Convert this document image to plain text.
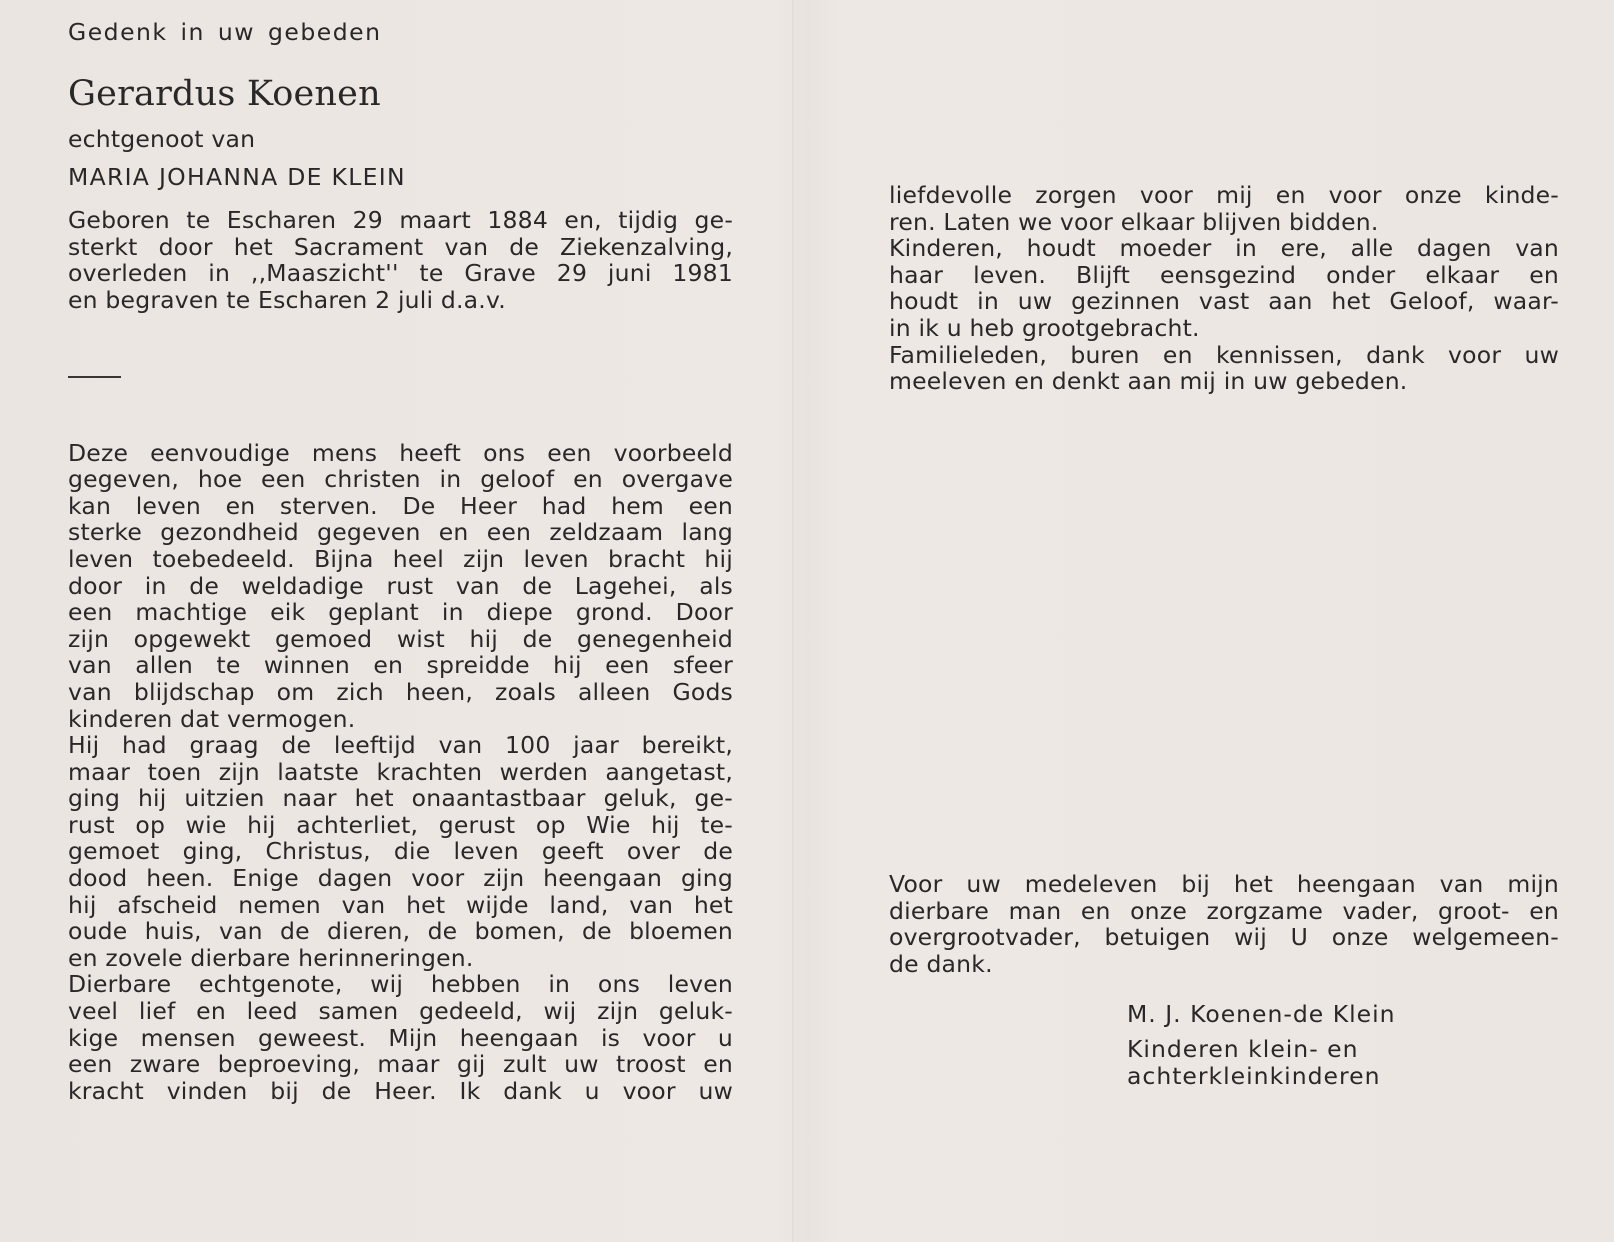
Gedenk in uw gebeden
Gerardus Koenen
echtgenoot van
MARIA JOHANNA DE KLEIN
Geboren te Escharen 29 maart 1884 en, tijdig ge-
sterkt door het Sacrament van de Ziekenzalving,
overleden in ,,Maaszicht'' te Grave 29 juni 1981
en begraven te Escharen 2 juli d.a.v.
Deze eenvoudige mens heeft ons een voorbeeld
gegeven, hoe een christen in geloof en overgave
kan leven en sterven. De Heer had hem een
sterke gezondheid gegeven en een zeldzaam lang
leven toebedeeld. Bijna heel zijn leven bracht hij
door in de weldadige rust van de Lagehei, als
een machtige eik geplant in diepe grond. Door
zijn opgewekt gemoed wist hij de genegenheid
van allen te winnen en spreidde hij een sfeer
van blijdschap om zich heen, zoals alleen Gods
kinderen dat vermogen.
Hij had graag de leeftijd van 100 jaar bereikt,
maar toen zijn laatste krachten werden aangetast,
ging hij uitzien naar het onaantastbaar geluk, ge-
rust op wie hij achterliet, gerust op Wie hij te-
gemoet ging, Christus, die leven geeft over de
dood heen. Enige dagen voor zijn heengaan ging
hij afscheid nemen van het wijde land, van het
oude huis, van de dieren, de bomen, de bloemen
en zovele dierbare herinneringen.
Dierbare echtgenote, wij hebben in ons leven
veel lief en leed samen gedeeld, wij zijn geluk-
kige mensen geweest. Mijn heengaan is voor u
een zware beproeving, maar gij zult uw troost en
kracht vinden bij de Heer. Ik dank u voor uw
liefdevolle zorgen voor mij en voor onze kinde-
ren. Laten we voor elkaar blijven bidden.
Kinderen, houdt moeder in ere, alle dagen van
haar leven. Blijft eensgezind onder elkaar en
houdt in uw gezinnen vast aan het Geloof, waar-
in ik u heb grootgebracht.
Familieleden, buren en kennissen, dank voor uw
meeleven en denkt aan mij in uw gebeden.
Voor uw medeleven bij het heengaan van mijn
dierbare man en onze zorgzame vader, groot- en
overgrootvader, betuigen wij U onze welgemeen-
de dank.
M. J. Koenen-de Klein
Kinderen klein- en
achterkleinkinderen
